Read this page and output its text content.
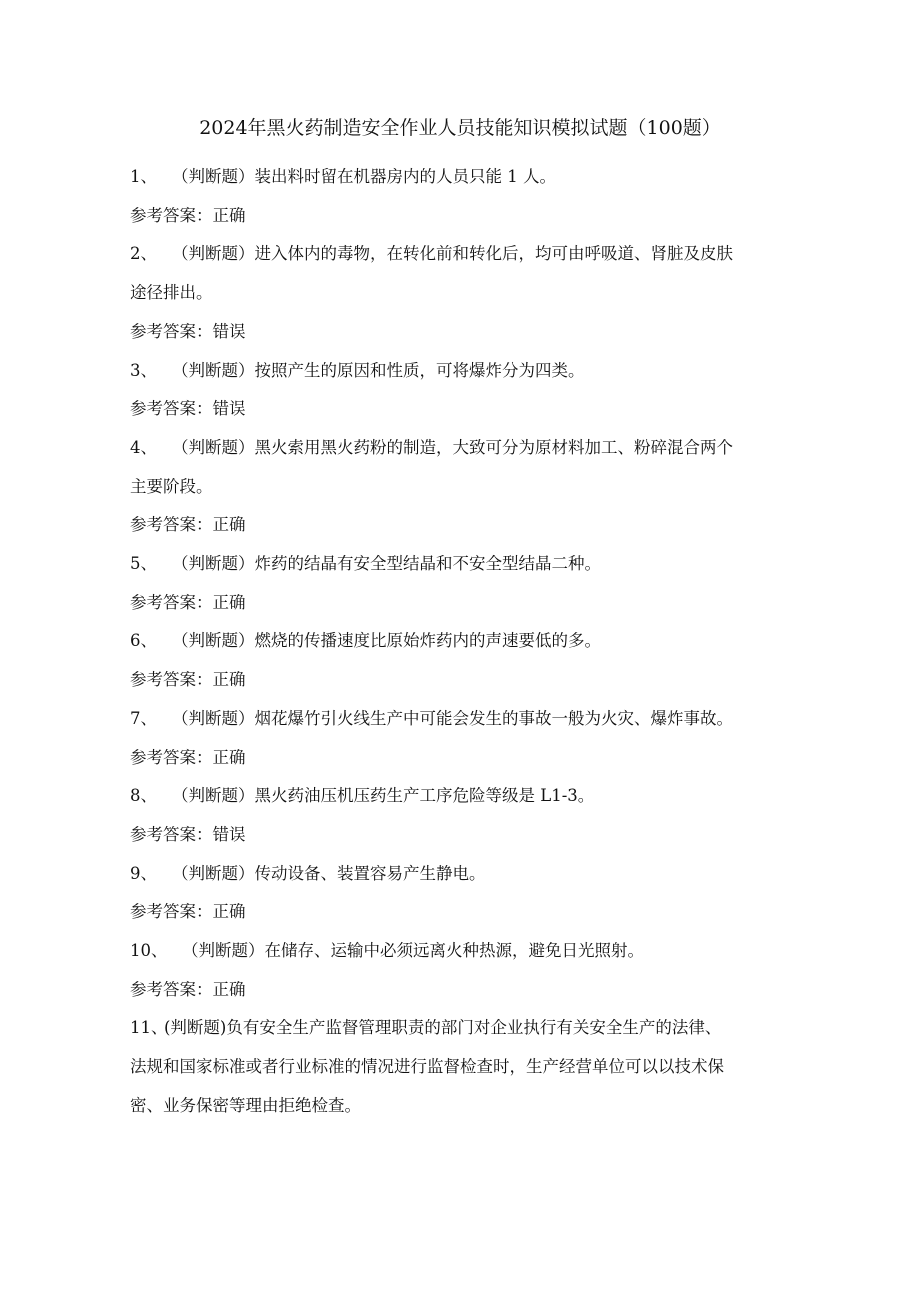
2024年黑火药制造安全作业人员技能知识模拟试题（100题）
1、 （判断题）装出料时留在机器房内的人员只能 1 人。
参考答案：正确
2、 （判断题）进入体内的毒物，在转化前和转化后，均可由呼吸道、肾脏及皮肤
途径排出。
参考答案：错误
3、 （判断题）按照产生的原因和性质，可将爆炸分为四类。
参考答案：错误
4、 （判断题）黑火索用黑火药粉的制造，大致可分为原材料加工、粉碎混合两个
主要阶段。
参考答案：正确
5、 （判断题）炸药的结晶有安全型结晶和不安全型结晶二种。
参考答案：正确
6、 （判断题）燃烧的传播速度比原始炸药内的声速要低的多。
参考答案：正确
7、 （判断题）烟花爆竹引火线生产中可能会发生的事故一般为火灾、爆炸事故。
参考答案：正确
8、 （判断题）黑火药油压机压药生产工序危险等级是 L1-3。
参考答案：错误
9、 （判断题）传动设备、装置容易产生静电。
参考答案：正确
10、 （判断题）在储存、运输中必须远离火种热源，避免日光照射。
参考答案：正确
11、(判断题)负有安全生产监督管理职责的部门对企业执行有关安全生产的法律、
法规和国家标准或者行业标准的情况进行监督检查时，生产经营单位可以以技术保
密、业务保密等理由拒绝检查。
